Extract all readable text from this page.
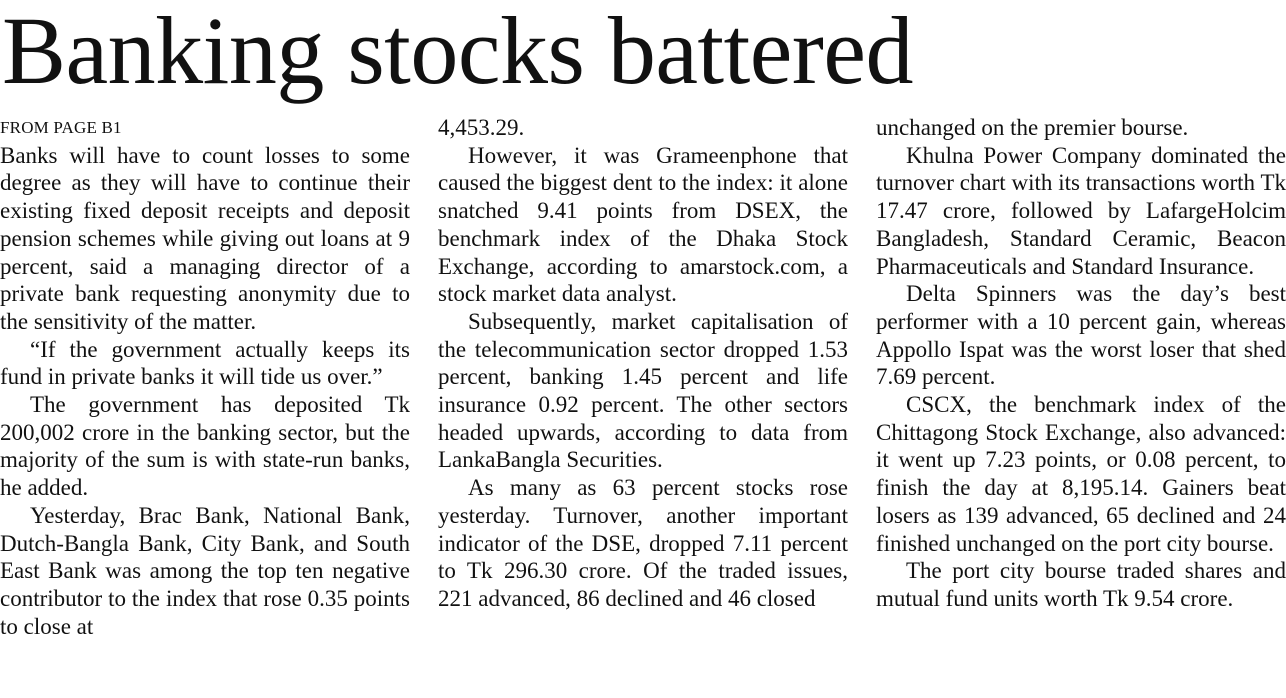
Banking stocks battered
FROM PAGE B1

Banks will have to count losses to some degree as they will have to continue their existing fixed deposit receipts and deposit pension schemes while giving out loans at 9 percent, said a managing director of a private bank requesting anonymity due to the sensitivity of the matter.

“If the government actually keeps its fund in private banks it will tide us over.”

The government has deposited Tk 200,002 crore in the banking sector, but the majority of the sum is with state-run banks, he added.

Yesterday, Brac Bank, National Bank, Dutch-Bangla Bank, City Bank, and South East Bank was among the top ten negative contributor to the index that rose 0.35 points to close at

4,453.29.

However, it was Grameenphone that caused the biggest dent to the index: it alone snatched 9.41 points from DSEX, the benchmark index of the Dhaka Stock Exchange, according to amarstock.com, a stock market data analyst.

Subsequently, market capitalisation of the telecommunication sector dropped 1.53 percent, banking 1.45 percent and life insurance 0.92 percent. The other sectors headed upwards, according to data from LankaBangla Securities.

As many as 63 percent stocks rose yesterday. Turnover, another important indicator of the DSE, dropped 7.11 percent to Tk 296.30 crore. Of the traded issues, 221 advanced, 86 declined and 46 closed

unchanged on the premier bourse.

Khulna Power Company dominated the turnover chart with its transactions worth Tk 17.47 crore, followed by LafargeHolcim Bangladesh, Standard Ceramic, Beacon Pharmaceuticals and Standard Insurance.

Delta Spinners was the day’s best performer with a 10 percent gain, whereas Appollo Ispat was the worst loser that shed 7.69 percent.

CSCX, the benchmark index of the Chittagong Stock Exchange, also advanced: it went up 7.23 points, or 0.08 percent, to finish the day at 8,195.14. Gainers beat losers as 139 advanced, 65 declined and 24 finished unchanged on the port city bourse.

The port city bourse traded shares and mutual fund units worth Tk 9.54 crore.
